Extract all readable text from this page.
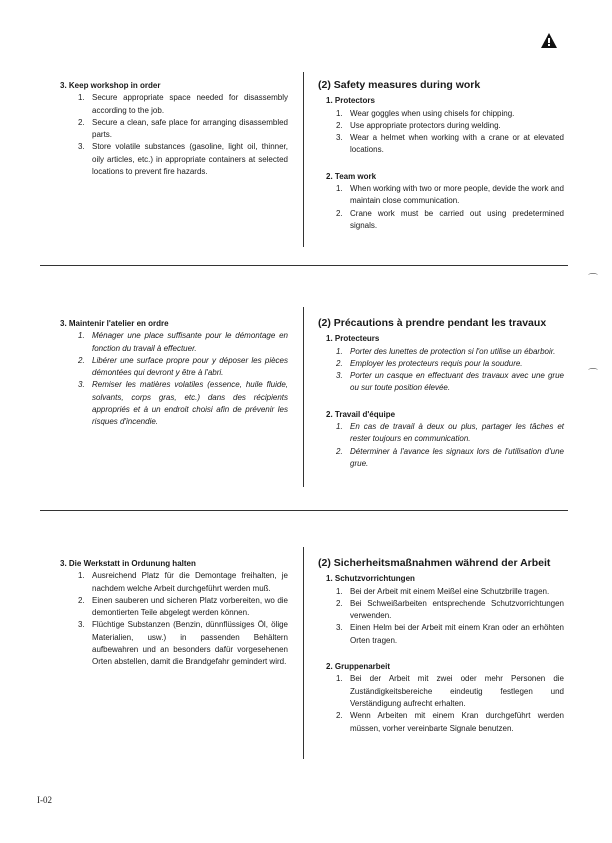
⌒
⌒
3. Keep workshop in order
1. Secure appropriate space needed for disassembly according to the job.
2. Secure a clean, safe place for arranging disassembled parts.
3. Store volatile substances (gasoline, light oil, thinner, oily articles, etc.) in appropriate containers at selected locations to prevent fire hazards.
(2) Safety measures during work
1. Protectors
1. Wear goggles when using chisels for chipping.
2. Use appropriate protectors during welding.
3. Wear a helmet when working with a crane or at elevated locations.
2. Team work
1. When working with two or more people, devide the work and maintain close communication.
2. Crane work must be carried out using predetermined signals.
3. Maintenir l'atelier en ordre
1. Ménager une place suffisante pour le démontage en fonction du travail à effectuer.
2. Libérer une surface propre pour y déposer les pièces démontées qui devront y être à l'abri.
3. Remiser les matières volatiles (essence, huile fluide, solvants, corps gras, etc.) dans des récipients appropriés et à un endroit choisi afin de prévenir les risques d'incendie.
(2) Précautions à prendre pendant les travaux
1. Protecteurs
1. Porter des lunettes de protection si l'on utilise un ébarboir.
2. Employer les protecteurs requis pour la soudure.
3. Porter un casque en effectuant des travaux avec une grue ou sur toute position élevée.
2. Travail d'équipe
1. En cas de travail à deux ou plus, partager les tâches et rester toujours en communication.
2. Déterminer à l'avance les signaux lors de l'utilisation d'une grue.
3. Die Werkstatt in Ordunung halten
1. Ausreichend Platz für die Demontage freihalten, je nachdem welche Arbeit durchgeführt werden muß.
2. Einen sauberen und sicheren Platz vorbereiten, wo die demontierten Teile abgelegt werden können.
3. Flüchtige Substanzen (Benzin, dünnflüssiges Öl, ölige Materialien, usw.) in passenden Behältern aufbewahren und an besonders dafür vorgesehenen Orten abstellen, damit die Brandgefahr gemindert wird.
(2) Sicherheitsmaßnahmen während der Arbeit
1. Schutzvorrichtungen
1. Bei der Arbeit mit einem Meißel eine Schutzbrille tragen.
2. Bei Schweißarbeiten entsprechende Schutzvorrichtungen verwenden.
3. Einen Helm bei der Arbeit mit einem Kran oder an erhöhten Orten tragen.
2. Gruppenarbeit
1. Bei der Arbeit mit zwei oder mehr Personen die Zuständigkeitsbereiche eindeutig festlegen und Verständigung aufrecht erhalten.
2. Wenn Arbeiten mit einem Kran durchgeführt werden müssen, vorher vereinbarte Signale benutzen.
I-02
